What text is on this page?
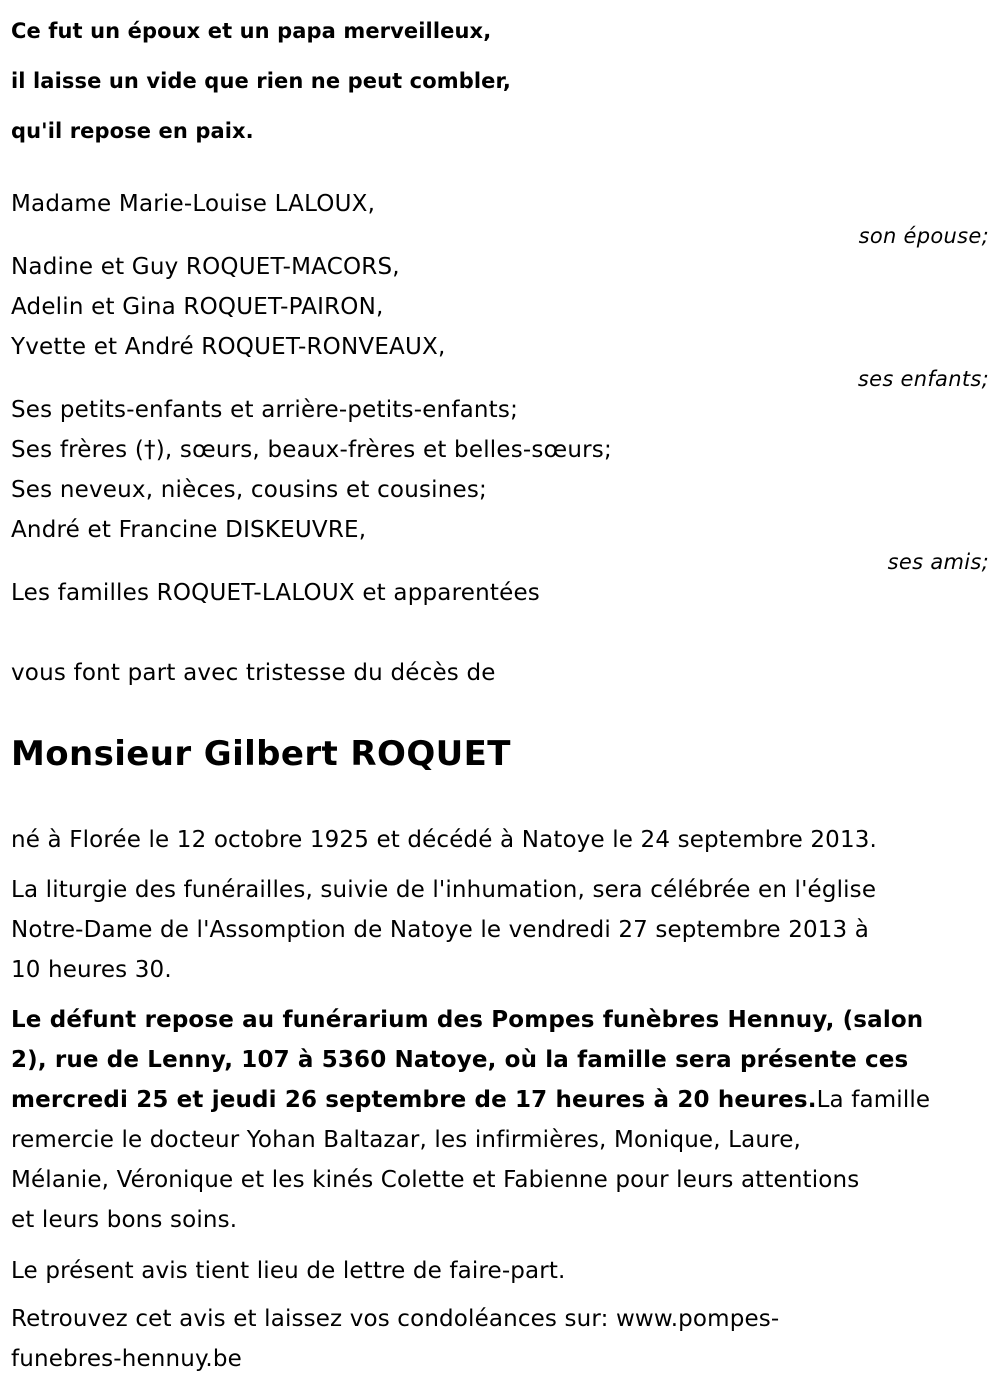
Ce fut un époux et un papa merveilleux,
il laisse un vide que rien ne peut combler,
qu'il repose en paix.
Madame Marie-Louise LALOUX,
son épouse;
Nadine et Guy ROQUET-MACORS,
Adelin et Gina ROQUET-PAIRON,
Yvette et André ROQUET-RONVEAUX,
ses enfants;
Ses petits-enfants et arrière-petits-enfants;
Ses frères (†), sœurs, beaux-frères et belles-sœurs;
Ses neveux, nièces, cousins et cousines;
André et Francine DISKEUVRE,
ses amis;
Les familles ROQUET-LALOUX et apparentées
vous font part avec tristesse du décès de
Monsieur Gilbert ROQUET
né à Florée le 12 octobre 1925 et décédé à Natoye le 24 septembre 2013.
La liturgie des funérailles, suivie de l'inhumation, sera célébrée en l'église
Notre-Dame de l'Assomption de Natoye le vendredi 27 septembre 2013 à
10 heures 30.
Le défunt repose au funérarium des Pompes funèbres Hennuy, (salon
2), rue de Lenny, 107 à 5360 Natoye, où la famille sera présente ces
mercredi 25 et jeudi 26 septembre de 17 heures à 20 heures.La famille
remercie le docteur Yohan Baltazar, les infirmières, Monique, Laure,
Mélanie, Véronique et les kinés Colette et Fabienne pour leurs attentions
et leurs bons soins.
Le présent avis tient lieu de lettre de faire-part.
Retrouvez cet avis et laissez vos condoléances sur: www.pompes-
funebres-hennuy.be
